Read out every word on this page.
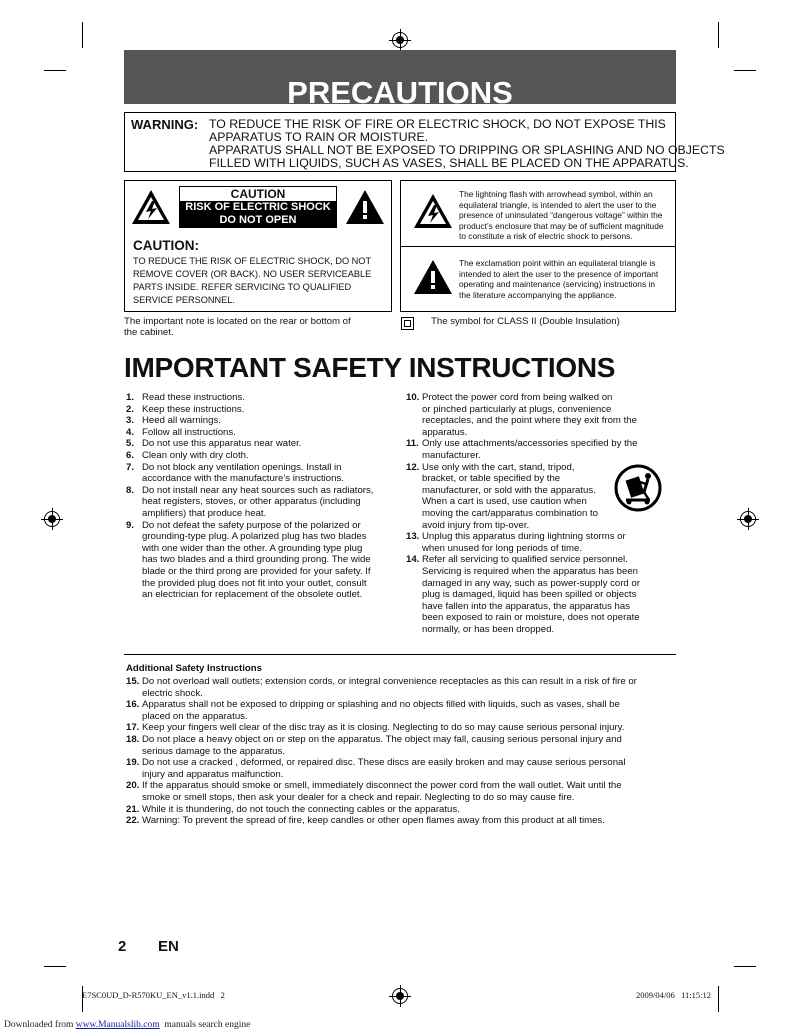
PRECAUTIONS
WARNING: TO REDUCE THE RISK OF FIRE OR ELECTRIC SHOCK, DO NOT EXPOSE THIS
APPARATUS TO RAIN OR MOISTURE.
APPARATUS SHALL NOT BE EXPOSED TO DRIPPING OR SPLASHING AND NO OBJECTS
FILLED WITH LIQUIDS, SUCH AS VASES, SHALL BE PLACED ON THE APPARATUS.
CAUTION
RISK OF ELECTRIC SHOCK
DO NOT OPEN
CAUTION:
TO REDUCE THE RISK OF ELECTRIC SHOCK, DO NOT
REMOVE COVER (OR BACK). NO USER SERVICEABLE
PARTS INSIDE. REFER SERVICING TO QUALIFIED
SERVICE PERSONNEL.
The lightning flash with arrowhead symbol, within an
equilateral triangle, is intended to alert the user to the
presence of uninsulated “dangerous voltage” within the
product’s enclosure that may be of sufficient magnitude
to constitute a risk of electric shock to persons.
The exclamation point within an equilateral triangle is
intended to alert the user to the presence of important
operating and maintenance (servicing) instructions in
the literature accompanying the appliance.
The important note is located on the rear or bottom of
the cabinet.
The symbol for CLASS II (Double Insulation)
IMPORTANT SAFETY INSTRUCTIONS
1. Read these instructions.
2. Keep these instructions.
3. Heed all warnings.
4. Follow all instructions.
5. Do not use this apparatus near water.
6. Clean only with dry cloth.
7. Do not block any ventilation openings. Install in
accordance with the manufacture’s instructions.
8. Do not install near any heat sources such as radiators,
heat registers, stoves, or other apparatus (including
amplifiers) that produce heat.
9. Do not defeat the safety purpose of the polarized or
grounding-type plug. A polarized plug has two blades
with one wider than the other. A grounding type plug
has two blades and a third grounding prong. The wide
blade or the third prong are provided for your safety. If
the provided plug does not fit into your outlet, consult
an electrician for replacement of the obsolete outlet.
10. Protect the power cord from being walked on
or pinched particularly at plugs, convenience
receptacles, and the point where they exit from the
apparatus.
11. Only use attachments/accessories specified by the
manufacturer.
12. Use only with the cart, stand, tripod,
bracket, or table specified by the
manufacturer, or sold with the apparatus.
When a cart is used, use caution when
moving the cart/apparatus combination to
avoid injury from tip-over.
13. Unplug this apparatus during lightning storms or
when unused for long periods of time.
14. Refer all servicing to qualified service personnel.
Servicing is required when the apparatus has been
damaged in any way, such as power-supply cord or
plug is damaged, liquid has been spilled or objects
have fallen into the apparatus, the apparatus has
been exposed to rain or moisture, does not operate
normally, or has been dropped.
Additional Safety Instructions
15. Do not overload wall outlets; extension cords, or integral convenience receptacles as this can result in a risk of fire or
electric shock.
16. Apparatus shall not be exposed to dripping or splashing and no objects filled with liquids, such as vases, shall be
placed on the apparatus.
17. Keep your fingers well clear of the disc tray as it is closing. Neglecting to do so may cause serious personal injury.
18. Do not place a heavy object on or step on the apparatus. The object may fall, causing serious personal injury and
serious damage to the apparatus.
19. Do not use a cracked , deformed, or repaired disc. These discs are easily broken and may cause serious personal
injury and apparatus malfunction.
20. If the apparatus should smoke or smell, immediately disconnect the power cord from the wall outlet. Wait until the
smoke or smell stops, then ask your dealer for a check and repair. Neglecting to do so may cause fire.
21. While it is thundering, do not touch the connecting cables or the apparatus.
22. Warning: To prevent the spread of fire, keep candles or other open flames away from this product at all times.
2 EN
E7SC0UD_D-R570KU_EN_v1.1.indd   2	2009/04/06   11:15:12
Downloaded from www.Manualslib.com  manuals search engine
